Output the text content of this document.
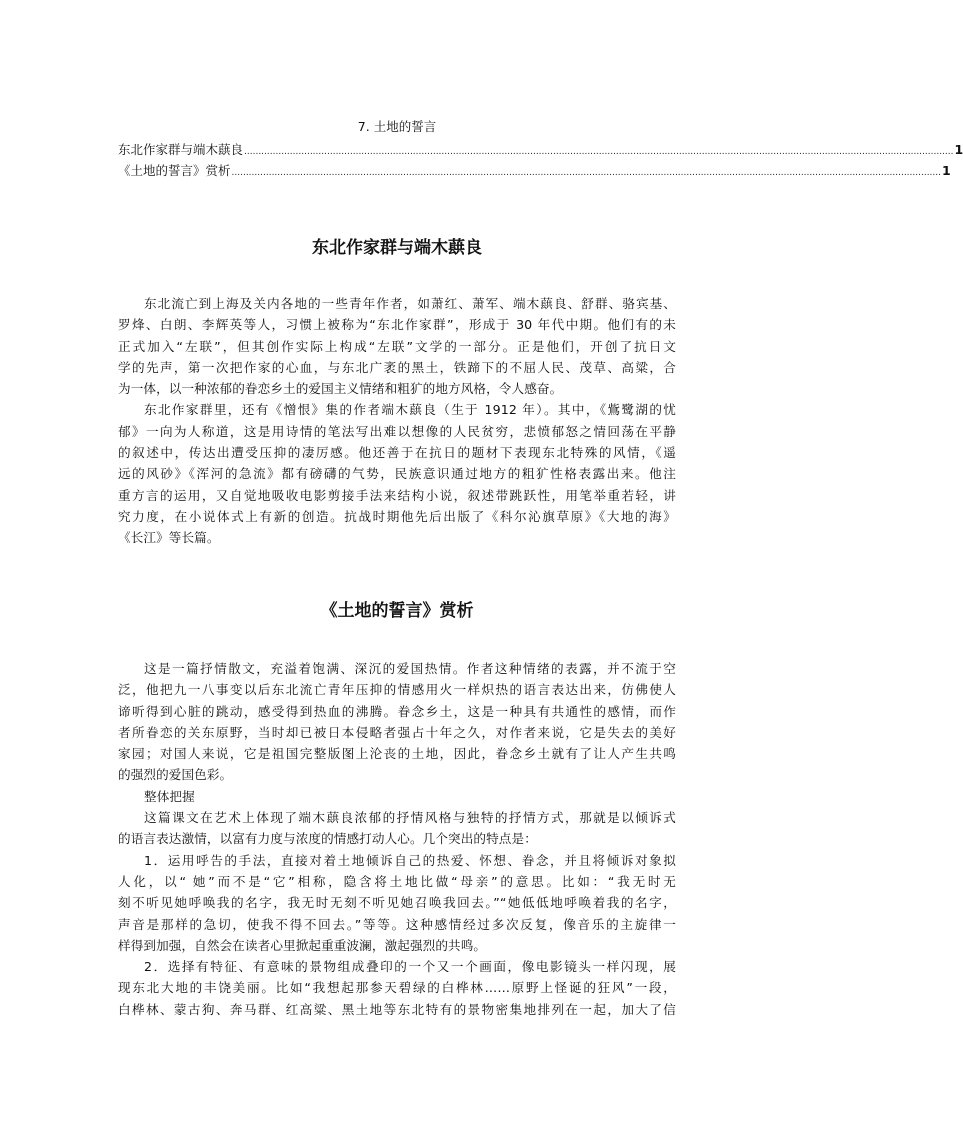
7. 土地的誓言
东北作家群与端木蕻良 ........................................................................................................................................................................................................................................................ 1
《土地的誓言》赏析 ........................................................................................................................................................................................................................................................ 1
东北作家群与端木蕻良
东北流亡到上海及关内各地的一些青年作者，如萧红、萧军、端木蕻良、舒群、骆宾基、
罗烽、白朗、李辉英等人，习惯上被称为“东北作家群”，形成于 30 年代中期。他们有的未
正式加入“左联”，但其创作实际上构成“左联”文学的一部分。正是他们，开创了抗日文
学的先声，第一次把作家的心血，与东北广袤的黑土，铁蹄下的不屈人民、茂草、高粱，合
为一体，以一种浓郁的眷恋乡土的爱国主义情绪和粗犷的地方风格，令人感奋。
东北作家群里，还有《憎恨》集的作者端木蕻良（生于 1912 年）。其中，《鴜鹭湖的忧
郁》一向为人称道，这是用诗情的笔法写出难以想像的人民贫穷，悲愤郁怒之情回荡在平静
的叙述中，传达出遭受压抑的凄厉感。他还善于在抗日的题材下表现东北特殊的风情，《遥
远的风砂》《浑河的急流》都有磅礴的气势，民族意识通过地方的粗犷性格表露出来。他注
重方言的运用，又自觉地吸收电影剪接手法来结构小说，叙述带跳跃性，用笔举重若轻，讲
究力度，在小说体式上有新的创造。抗战时期他先后出版了《科尔沁旗草原》《大地的海》
《长江》等长篇。
《土地的誓言》赏析
这是一篇抒情散文，充溢着饱满、深沉的爱国热情。作者这种情绪的表露，并不流于空
泛，他把九一八事变以后东北流亡青年压抑的情感用火一样炽热的语言表达出来，仿佛使人
谛听得到心脏的跳动，感受得到热血的沸腾。眷念乡土，这是一种具有共通性的感情，而作
者所眷恋的关东原野，当时却已被日本侵略者强占十年之久，对作者来说，它是失去的美好
家园；对国人来说，它是祖国完整版图上沦丧的土地，因此，眷念乡土就有了让人产生共鸣
的强烈的爱国色彩。
整体把握
这篇课文在艺术上体现了端木蕻良浓郁的抒情风格与独特的抒情方式，那就是以倾诉式
的语言表达激情，以富有力度与浓度的情感打动人心。几个突出的特点是：
1．运用呼告的手法，直接对着土地倾诉自己的热爱、怀想、眷念，并且将倾诉对象拟
人化，以“ 她”而不是“它”相称，隐含将土地比做“母亲”的意思。比如：“我无时无
刻不听见她呼唤我的名字，我无时无刻不听见她召唤我回去。”“她低低地呼唤着我的名字，
声音是那样的急切，使我不得不回去。”等等。这种感情经过多次反复，像音乐的主旋律一
样得到加强，自然会在读者心里掀起重重波澜，激起强烈的共鸣。
2．选择有特征、有意味的景物组成叠印的一个又一个画面，像电影镜头一样闪现，展
现东北大地的丰饶美丽。比如“我想起那参天碧绿的白桦林……原野上怪诞的狂风”一段，
白桦林、蒙古狗、奔马群、红高粱、黑土地等东北特有的景物密集地排列在一起，加大了信
